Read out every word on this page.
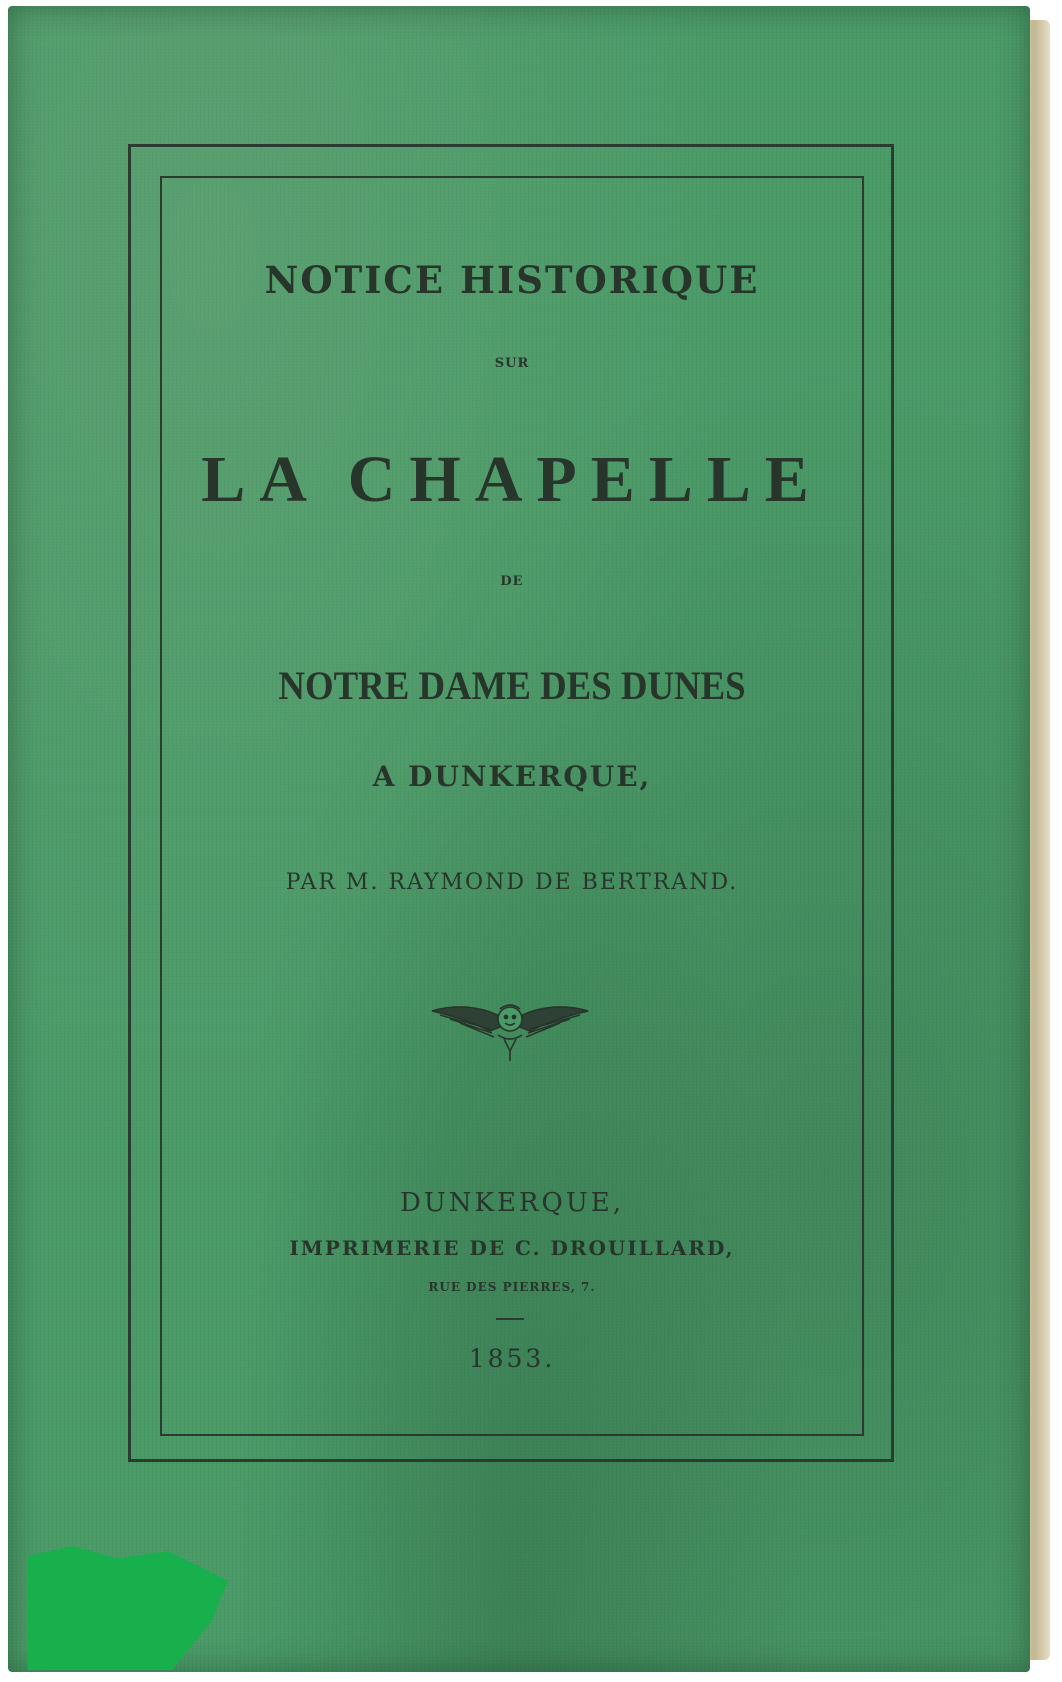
NOTICE HISTORIQUE
SUR
LA CHAPELLE
DE
NOTRE DAME DES DUNES
A DUNKERQUE,
PAR M. RAYMOND DE BERTRAND.
DUNKERQUE,
IMPRIMERIE DE C. DROUILLARD,
RUE DES PIERRES, 7.
1853.
